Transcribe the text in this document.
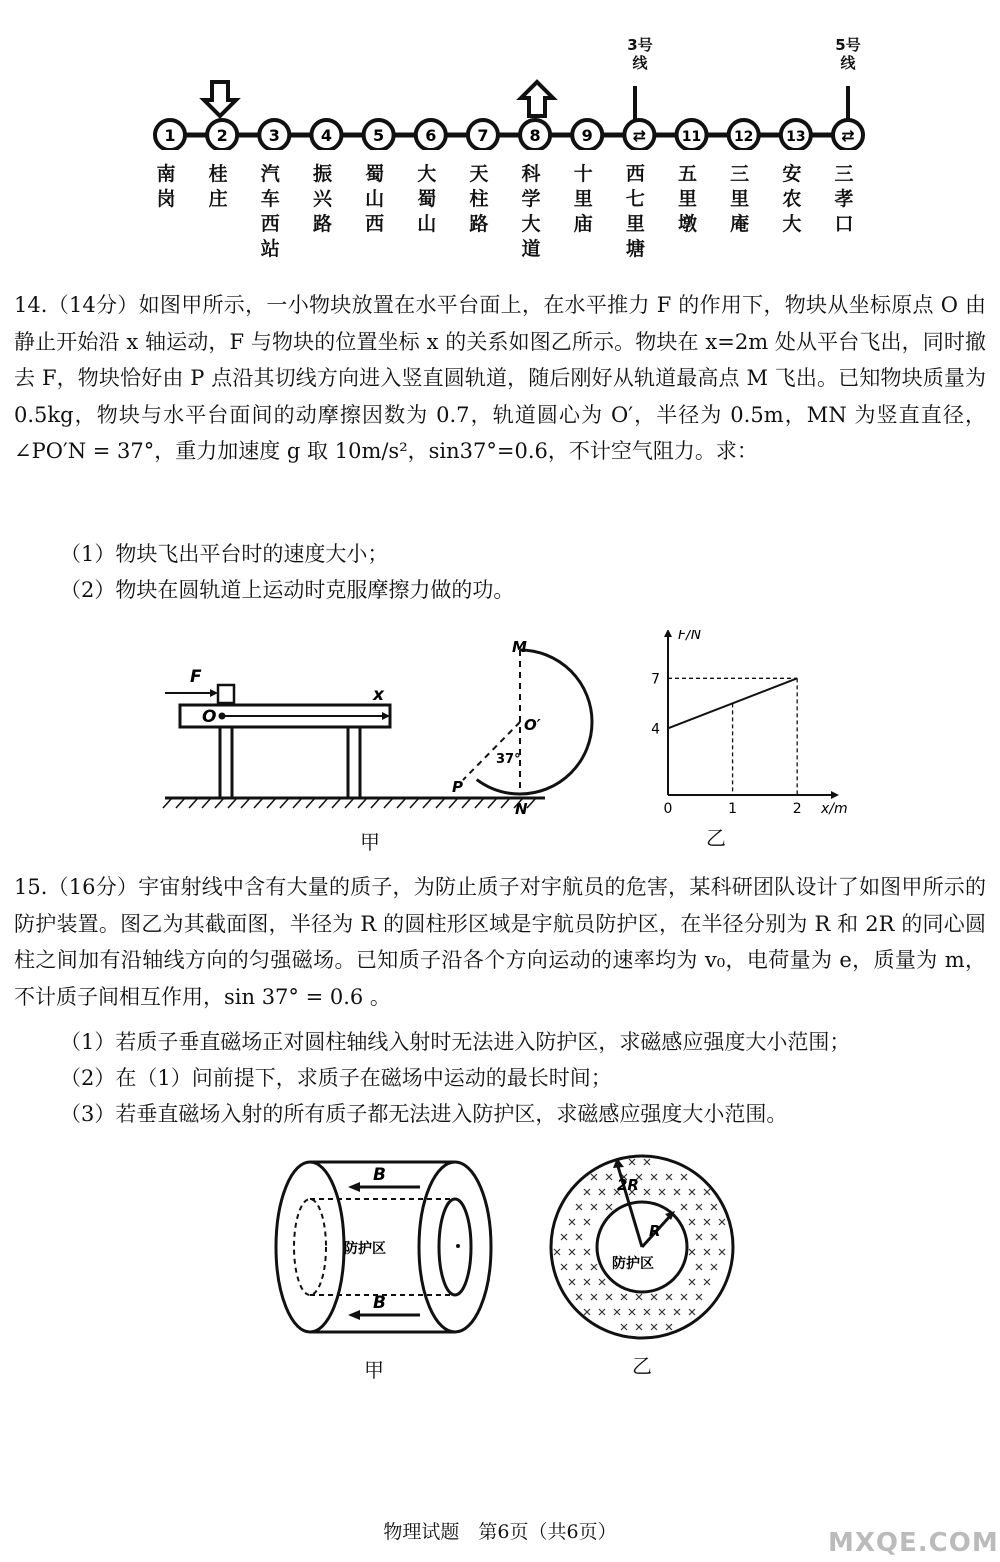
1	2	3	4	5	6	7	8	9 ⇄	11 12 13 ⇄
3号线
5号线
南岗
桂庄
汽车西站
振兴路
蜀山西
大蜀山
天柱路
科学大道
十里庙
西七里塘
五里墩
三里庵
安农大
三孝口

14.（14分）如图甲所示，一小物块放置在水平台面上，在水平推力 F 的作用下，物块从坐标原点 O 由静止开始沿 x 轴运动，F 与物块的位置坐标 x 的关系如图乙所示。物块在 x=2m 处从平台飞出，同时撤去 F，物块恰好由 P 点沿其切线方向进入竖直圆轨道，随后刚好从轨道最高点 M 飞出。已知物块质量为 0.5kg，物块与水平台面间的动摩擦因数为 0.7，轨道圆心为 O′，半径为 0.5m，MN 为竖直直径，∠PO′N = 37°，重力加速度 g 取 10m/s²，sin37°=0.6，不计空气阻力。求：

（1）物块飞出平台时的速度大小；

（2）物块在圆轨道上运动时克服摩擦力做的功。

F
O
x
M
O′
37°
P
N
甲
0	1	2
4
7
x/m
F/N
乙

15.（16分）宇宙射线中含有大量的质子，为防止质子对宇航员的危害，某科研团队设计了如图甲所示的防护装置。图乙为其截面图，半径为 R 的圆柱形区域是宇航员防护区，在半径分别为 R 和 2R 的同心圆柱之间加有沿轴线方向的匀强磁场。已知质子沿各个方向运动的速率均为 v₀，电荷量为 e，质量为 m，不计质子间相互作用，sin 37° = 0.6 。

（1）若质子垂直磁场正对圆柱轴线入射时无法进入防护区，求磁感应强度大小范围；

（2）在（1）问前提下，求质子在磁场中运动的最长时间；

（3）若垂直磁场入射的所有质子都无法进入防护区，求磁感应强度大小范围。

B
B
防护区
甲
2R
R
防护区
乙
物理试题　第6页（共6页）	MXQE.COM
